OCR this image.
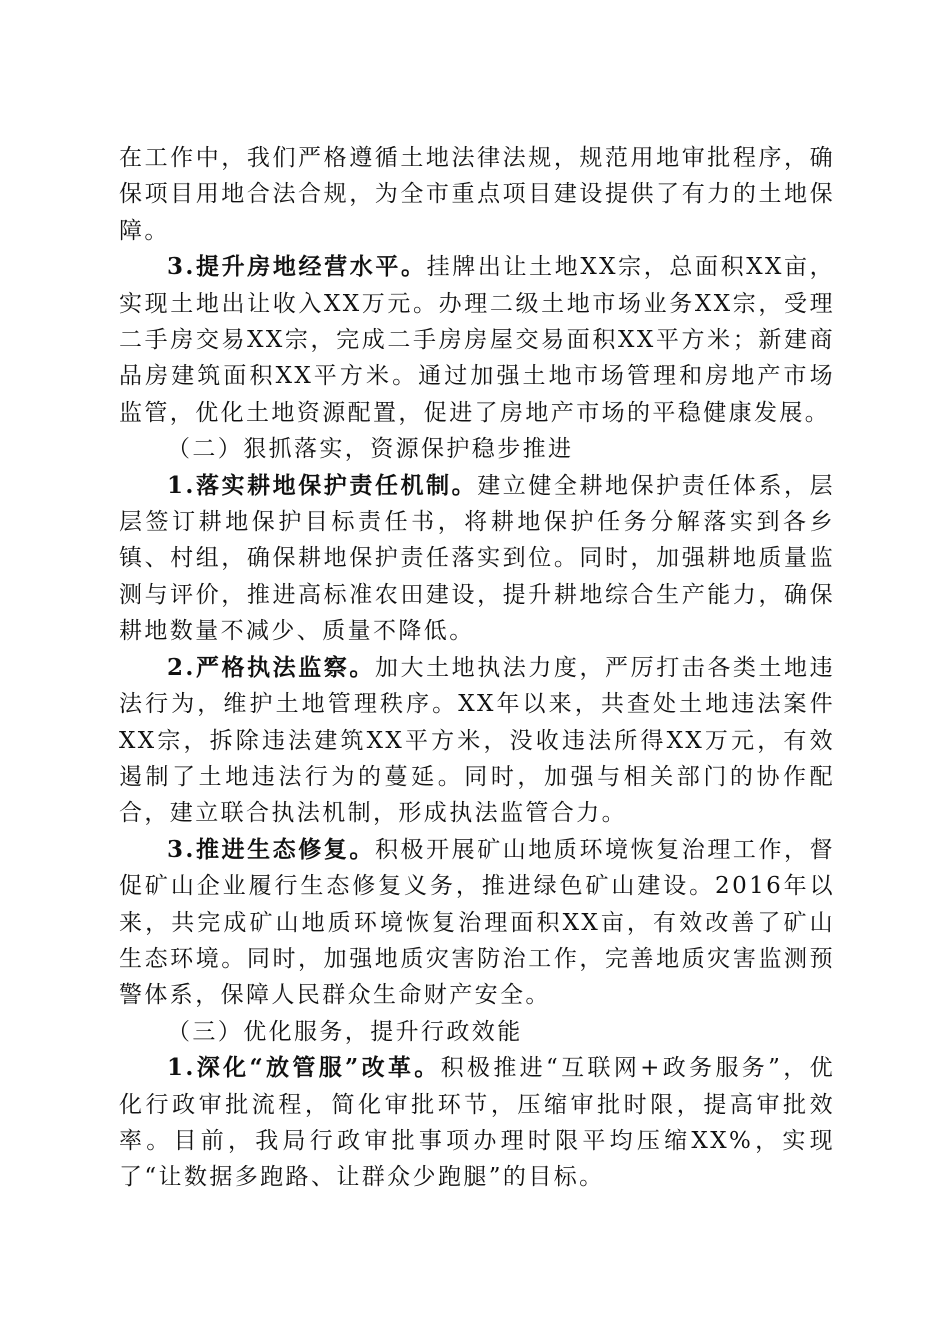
在工作中，我们严格遵循土地法律法规，规范用地审批程序，确保项目用地合法合规，为全市重点项目建设提供了有力的土地保障。

3.提升房地经营水平。挂牌出让土地XX宗，总面积XX亩，实现土地出让收入XX万元。办理二级土地市场业务XX宗，受理二手房交易XX宗，完成二手房房屋交易面积XX平方米；新建商品房建筑面积XX平方米。通过加强土地市场管理和房地产市场监管，优化土地资源配置，促进了房地产市场的平稳健康发展。

（二）狠抓落实，资源保护稳步推进

1.落实耕地保护责任机制。建立健全耕地保护责任体系，层层签订耕地保护目标责任书，将耕地保护任务分解落实到各乡镇、村组，确保耕地保护责任落实到位。同时，加强耕地质量监测与评价，推进高标准农田建设，提升耕地综合生产能力，确保耕地数量不减少、质量不降低。

2.严格执法监察。加大土地执法力度，严厉打击各类土地违法行为，维护土地管理秩序。XX年以来，共查处土地违法案件XX宗，拆除违法建筑XX平方米，没收违法所得XX万元，有效遏制了土地违法行为的蔓延。同时，加强与相关部门的协作配合，建立联合执法机制，形成执法监管合力。

3.推进生态修复。积极开展矿山地质环境恢复治理工作，督促矿山企业履行生态修复义务，推进绿色矿山建设。2016年以来，共完成矿山地质环境恢复治理面积XX亩，有效改善了矿山生态环境。同时，加强地质灾害防治工作，完善地质灾害监测预警体系，保障人民群众生命财产安全。

（三）优化服务，提升行政效能

1.深化“放管服”改革。积极推进“互联网+政务服务”，优化行政审批流程，简化审批环节，压缩审批时限，提高审批效率。目前，我局行政审批事项办理时限平均压缩XX%，实现了“让数据多跑路、让群众少跑腿”的目标。
